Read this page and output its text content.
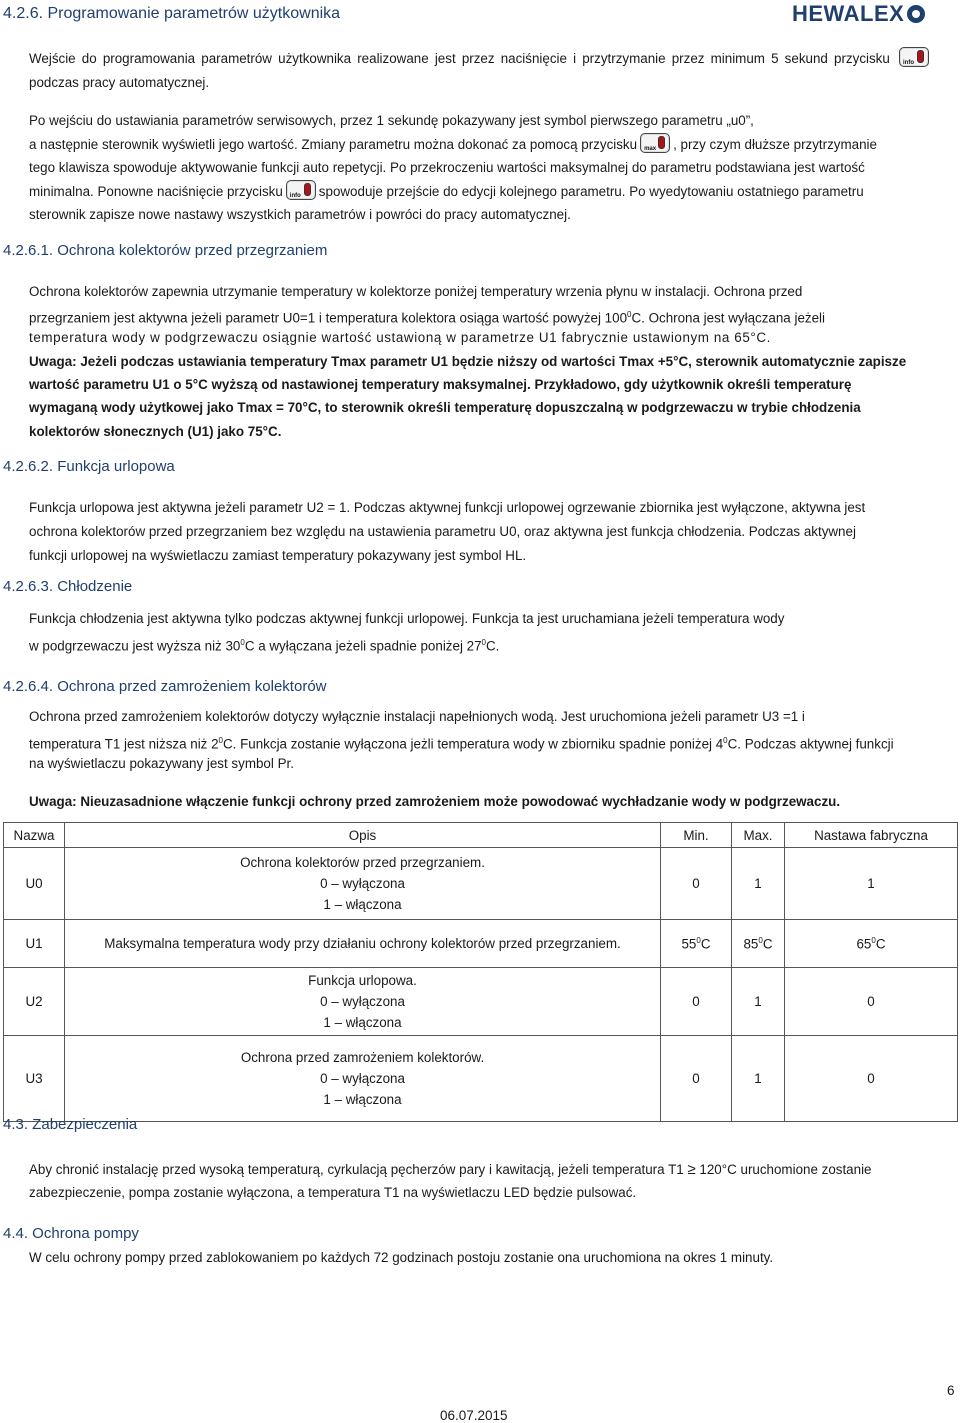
4.2.6. Programowanie parametrów użytkownika	HEWALEX
Wejście do programowania parametrów użytkownika realizowane jest przez naciśnięcie i przytrzymanie przez minimum 5 sekund przycisku info
podczas pracy automatycznej.
Po wejściu do ustawiania parametrów serwisowych, przez 1 sekundę pokazywany jest symbol pierwszego parametru „u0”,
a następnie sterownik wyświetli jego wartość. Zmiany parametru można dokonać za pomocą przycisku max , przy czym dłuższe przytrzymanie
tego klawisza spowoduje aktywowanie funkcji auto repetycji. Po przekroczeniu wartości maksymalnej do parametru podstawiana jest wartość
minimalna. Ponowne naciśnięcie przycisku info spowoduje przejście do edycji kolejnego parametru. Po wyedytowaniu ostatniego parametru
sterownik zapisze nowe nastawy wszystkich parametrów i powróci do pracy automatycznej.
4.2.6.1. Ochrona kolektorów przed przegrzaniem
Ochrona kolektorów zapewnia utrzymanie temperatury w kolektorze poniżej temperatury wrzenia płynu w instalacji. Ochrona przed
przegrzaniem jest aktywna jeżeli parametr U0=1 i temperatura kolektora osiąga wartość powyżej $100^0C$. Ochrona jest wyłączana jeżeli
temperatura wody w podgrzewaczu osiągnie wartość ustawioną w parametrze U1 fabrycznie ustawionym na 65°C.
Uwaga: Jeżeli podczas ustawiania temperatury Tmax parametr U1 będzie niższy od wartości Tmax +5°C, sterownik automatycznie zapisze
wartość parametru U1 o 5°C wyższą od nastawionej temperatury maksymalnej. Przykładowo, gdy użytkownik określi temperaturę
wymaganą wody użytkowej jako Tmax = 70°C, to sterownik określi temperaturę dopuszczalną w podgrzewaczu w trybie chłodzenia
kolektorów słonecznych (U1) jako 75°C.
4.2.6.2. Funkcja urlopowa
Funkcja urlopowa jest aktywna jeżeli parametr U2 = 1. Podczas aktywnej funkcji urlopowej ogrzewanie zbiornika jest wyłączone, aktywna jest
ochrona kolektorów przed przegrzaniem bez względu na ustawienia parametru U0, oraz aktywna jest funkcja chłodzenia. Podczas aktywnej
funkcji urlopowej na wyświetlaczu zamiast temperatury pokazywany jest symbol HL.
4.2.6.3. Chłodzenie
Funkcja chłodzenia jest aktywna tylko podczas aktywnej funkcji urlopowej. Funkcja ta jest uruchamiana jeżeli temperatura wody
w podgrzewaczu jest wyższa niż $30^0C$ a wyłączana jeżeli spadnie poniżej $27^0C$.
4.2.6.4. Ochrona przed zamrożeniem kolektorów
Ochrona przed zamrożeniem kolektorów dotyczy wyłącznie instalacji napełnionych wodą. Jest uruchomiona jeżeli parametr U3 =1 i
temperatura T1 jest niższa niż $2^0C$. Funkcja zostanie wyłączona jeżli temperatura wody w zbiorniku spadnie poniżej $4^0C$. Podczas aktywnej funkcji
na wyświetlaczu pokazywany jest symbol Pr.
Uwaga: Nieuzasadnione włączenie funkcji ochrony przed zamrożeniem może powodować wychładzanie wody w podgrzewaczu.
Nazwa	Opis	Min.	Max.	Nastawa fabryczna
U0	Ochrona kolektorów przed przegrzaniem.
0 – wyłączona
1 – włączona	0	1	1
U1	Maksymalna temperatura wody przy działaniu ochrony kolektorów przed przegrzaniem.	$55^0C$	$85^0C$	$65^0C$
U2	Funkcja urlopowa.
0 – wyłączona
1 – włączona	0	1	0
U3	Ochrona przed zamrożeniem kolektorów.
0 – wyłączona
1 – włączona	0	1	0
4.3. Zabezpieczenia
Aby chronić instalację przed wysoką temperaturą, cyrkulacją pęcherzów pary i kawitacją, jeżeli temperatura T1 ≥ 120°C uruchomione zostanie
zabezpieczenie, pompa zostanie wyłączona, a temperatura T1 na wyświetlaczu LED będzie pulsować.
4.4. Ochrona pompy
W celu ochrony pompy przed zablokowaniem po każdych 72 godzinach postoju zostanie ona uruchomiona na okres 1 minuty.
6
06.07.2015
